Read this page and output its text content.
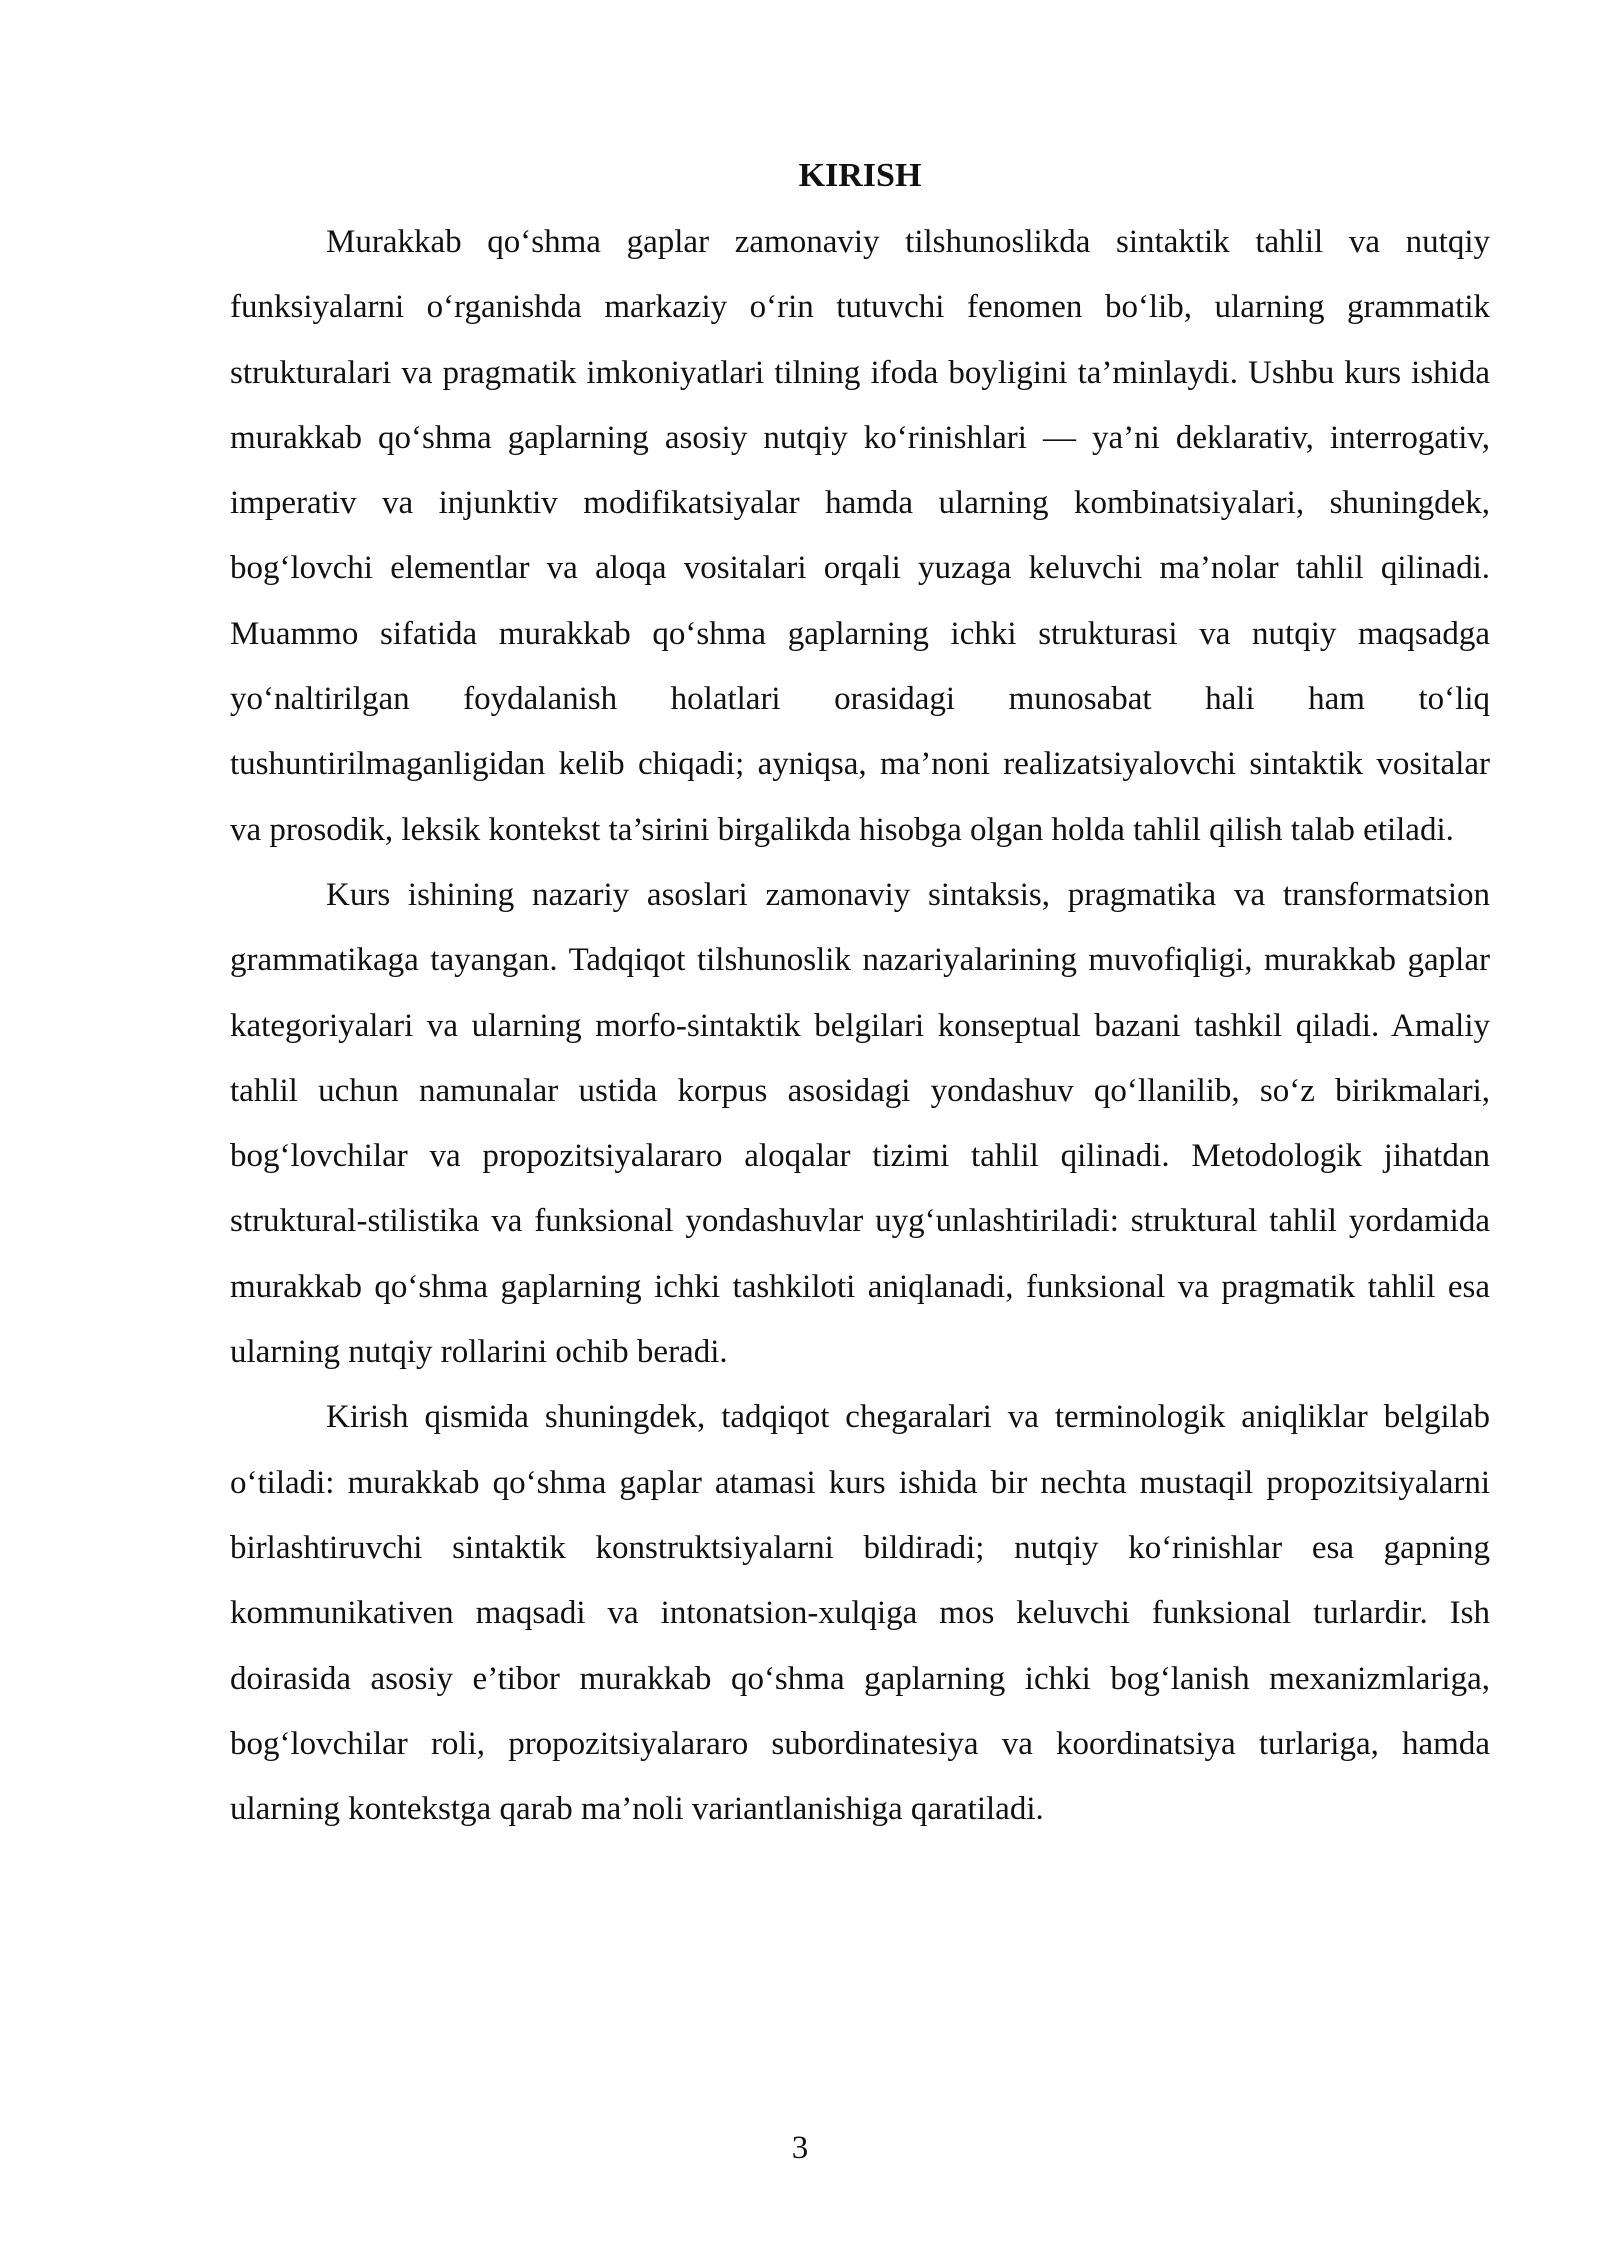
KIRISH

Murakkab qo‘shma gaplar zamonaviy tilshunoslikda sintaktik tahlil va nutqiy funksiyalarni o‘rganishda markaziy o‘rin tutuvchi fenomen bo‘lib, ularning grammatik strukturalari va pragmatik imkoniyatlari tilning ifoda boyligini ta’minlaydi. Ushbu kurs ishida murakkab qo‘shma gaplarning asosiy nutqiy ko‘rinishlari — ya’ni deklarativ, interrogativ, imperativ va injunktiv modifikatsiyalar hamda ularning kombinatsiyalari, shuningdek, bog‘lovchi elementlar va aloqa vositalari orqali yuzaga keluvchi ma’nolar tahlil qilinadi. Muammo sifatida murakkab qo‘shma gaplarning ichki strukturasi va nutqiy maqsadga yo‘naltirilgan foydalanish holatlari orasidagi munosabat hali ham to‘liq tushuntirilmaganligidan kelib chiqadi; ayniqsa, ma’noni realizatsiyalovchi sintaktik vositalar va prosodik, leksik kontekst ta’sirini birgalikda hisobga olgan holda tahlil qilish talab etiladi.

Kurs ishining nazariy asoslari zamonaviy sintaksis, pragmatika va transformatsion grammatikaga tayangan. Tadqiqot tilshunoslik nazariyalarining muvofiqligi, murakkab gaplar kategoriyalari va ularning morfo-sintaktik belgilari konseptual bazani tashkil qiladi. Amaliy tahlil uchun namunalar ustida korpus asosidagi yondashuv qo‘llanilib, so‘z birikmalari, bog‘lovchilar va propozitsiyalararo aloqalar tizimi tahlil qilinadi. Metodologik jihatdan struktural-stilistika va funksional yondashuvlar uyg‘unlashtiriladi: struktural tahlil yordamida murakkab qo‘shma gaplarning ichki tashkiloti aniqlanadi, funksional va pragmatik tahlil esa ularning nutqiy rollarini ochib beradi.

Kirish qismida shuningdek, tadqiqot chegaralari va terminologik aniqliklar belgilab o‘tiladi: murakkab qo‘shma gaplar atamasi kurs ishida bir nechta mustaqil propozitsiyalarni birlashtiruvchi sintaktik konstruktsiyalarni bildiradi; nutqiy ko‘rinishlar esa gapning kommunikativen maqsadi va intonatsion-xulqiga mos keluvchi funksional turlardir. Ish doirasida asosiy e’tibor murakkab qo‘shma gaplarning ichki bog‘lanish mexanizmlariga, bog‘lovchilar roli, propozitsiyalararo subordinatesiya va koordinatsiya turlariga, hamda ularning kontekstga qarab ma’noli variantlanishiga qaratiladi.

3
